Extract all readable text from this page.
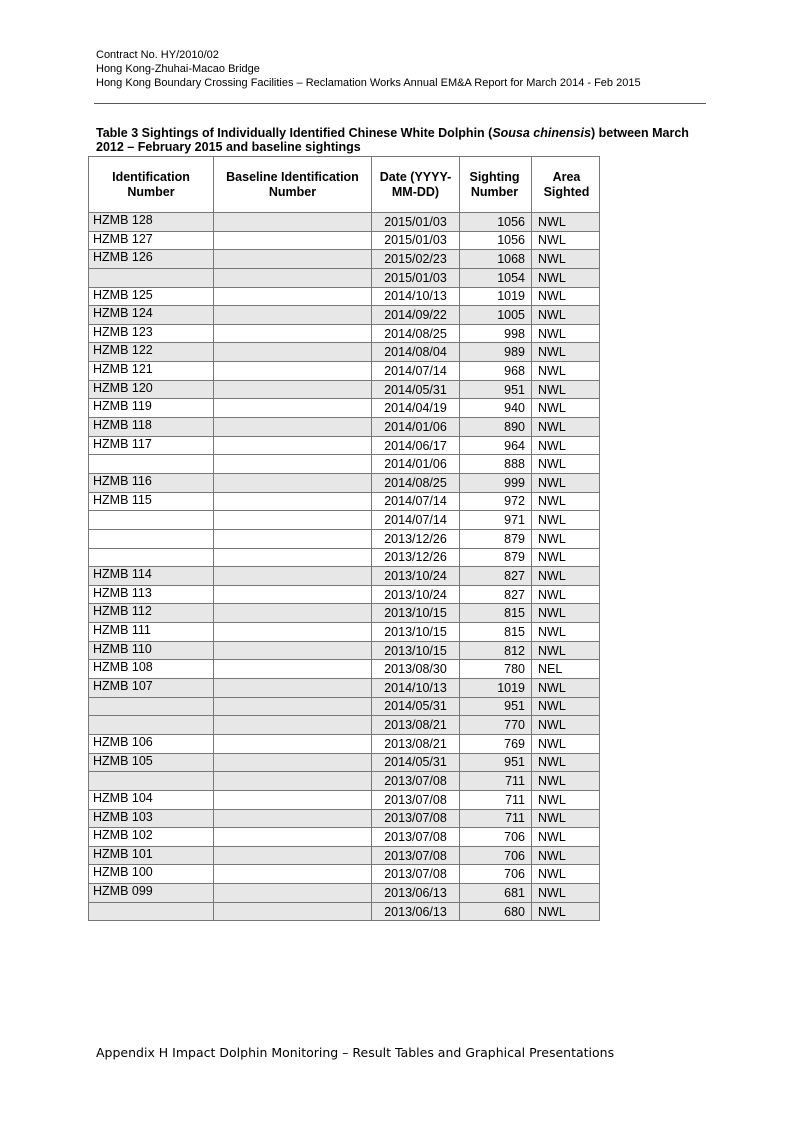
Contract No. HY/2010/02
Hong Kong-Zhuhai-Macao Bridge
Hong Kong Boundary Crossing Facilities – Reclamation Works Annual EM&A Report for March 2014 - Feb 2015
Table 3 Sightings of Individually Identified Chinese White Dolphin (Sousa chinensis) between March 2012 – February 2015 and baseline sightings
Identification Number	Baseline Identification Number	Date (YYYY-MM-DD)	Sighting Number	Area Sighted
HZMB 128		2015/01/03	1056	NWL
HZMB 127		2015/01/03	1056	NWL
HZMB 126		2015/02/23	1068	NWL
		2015/01/03	1054	NWL
HZMB 125		2014/10/13	1019	NWL
HZMB 124		2014/09/22	1005	NWL
HZMB 123		2014/08/25	998	NWL
HZMB 122		2014/08/04	989	NWL
HZMB 121		2014/07/14	968	NWL
HZMB 120		2014/05/31	951	NWL
HZMB 119		2014/04/19	940	NWL
HZMB 118		2014/01/06	890	NWL
HZMB 117		2014/06/17	964	NWL
		2014/01/06	888	NWL
HZMB 116		2014/08/25	999	NWL
HZMB 115		2014/07/14	972	NWL
		2014/07/14	971	NWL
		2013/12/26	879	NWL
		2013/12/26	879	NWL
HZMB 114		2013/10/24	827	NWL
HZMB 113		2013/10/24	827	NWL
HZMB 112		2013/10/15	815	NWL
HZMB 111		2013/10/15	815	NWL
HZMB 110		2013/10/15	812	NWL
HZMB 108		2013/08/30	780	NEL
HZMB 107		2014/10/13	1019	NWL
		2014/05/31	951	NWL
		2013/08/21	770	NWL
HZMB 106		2013/08/21	769	NWL
HZMB 105		2014/05/31	951	NWL
		2013/07/08	711	NWL
HZMB 104		2013/07/08	711	NWL
HZMB 103		2013/07/08	711	NWL
HZMB 102		2013/07/08	706	NWL
HZMB 101		2013/07/08	706	NWL
HZMB 100		2013/07/08	706	NWL
HZMB 099		2013/06/13	681	NWL
		2013/06/13	680	NWL
Appendix H Impact Dolphin Monitoring – Result Tables and Graphical Presentations
